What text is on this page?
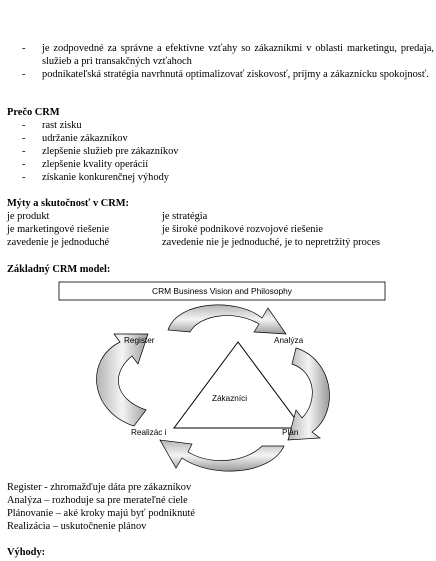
- je zodpovedné za správne a efektívne vzťahy so zákazníkmi v oblasti marketingu, predaja, služieb a pri transakčných vzťahoch
- podnikateľská stratégia navrhnutá optimalizovať ziskovosť, príjmy a zákaznícku spokojnosť.
Prečo CRM
- rast zisku
- udržanie zákazníkov
- zlepšenie služieb pre zákazníkov
- zlepšenie kvality operácií
- získanie konkurenčnej výhody
Mýty a skutočnosť v CRM:
je produkt	je stratégia
je marketingové riešenie	je široké podnikové rozvojové riešenie
zavedenie je jednoduché	zavedenie nie je jednoduché, je to nepretržitý proces
Základný CRM model:
CRM Business Vision and Philosophy
Register	Analýza
Zákazníci
Realizác i	Plán
Register - zhromažďuje dáta pre zákazníkov
Analýza – rozhoduje sa pre merateľné ciele
Plánovanie – aké kroky majú byť podniknuté
Realizácia – uskutočnenie plánov
Výhody:
